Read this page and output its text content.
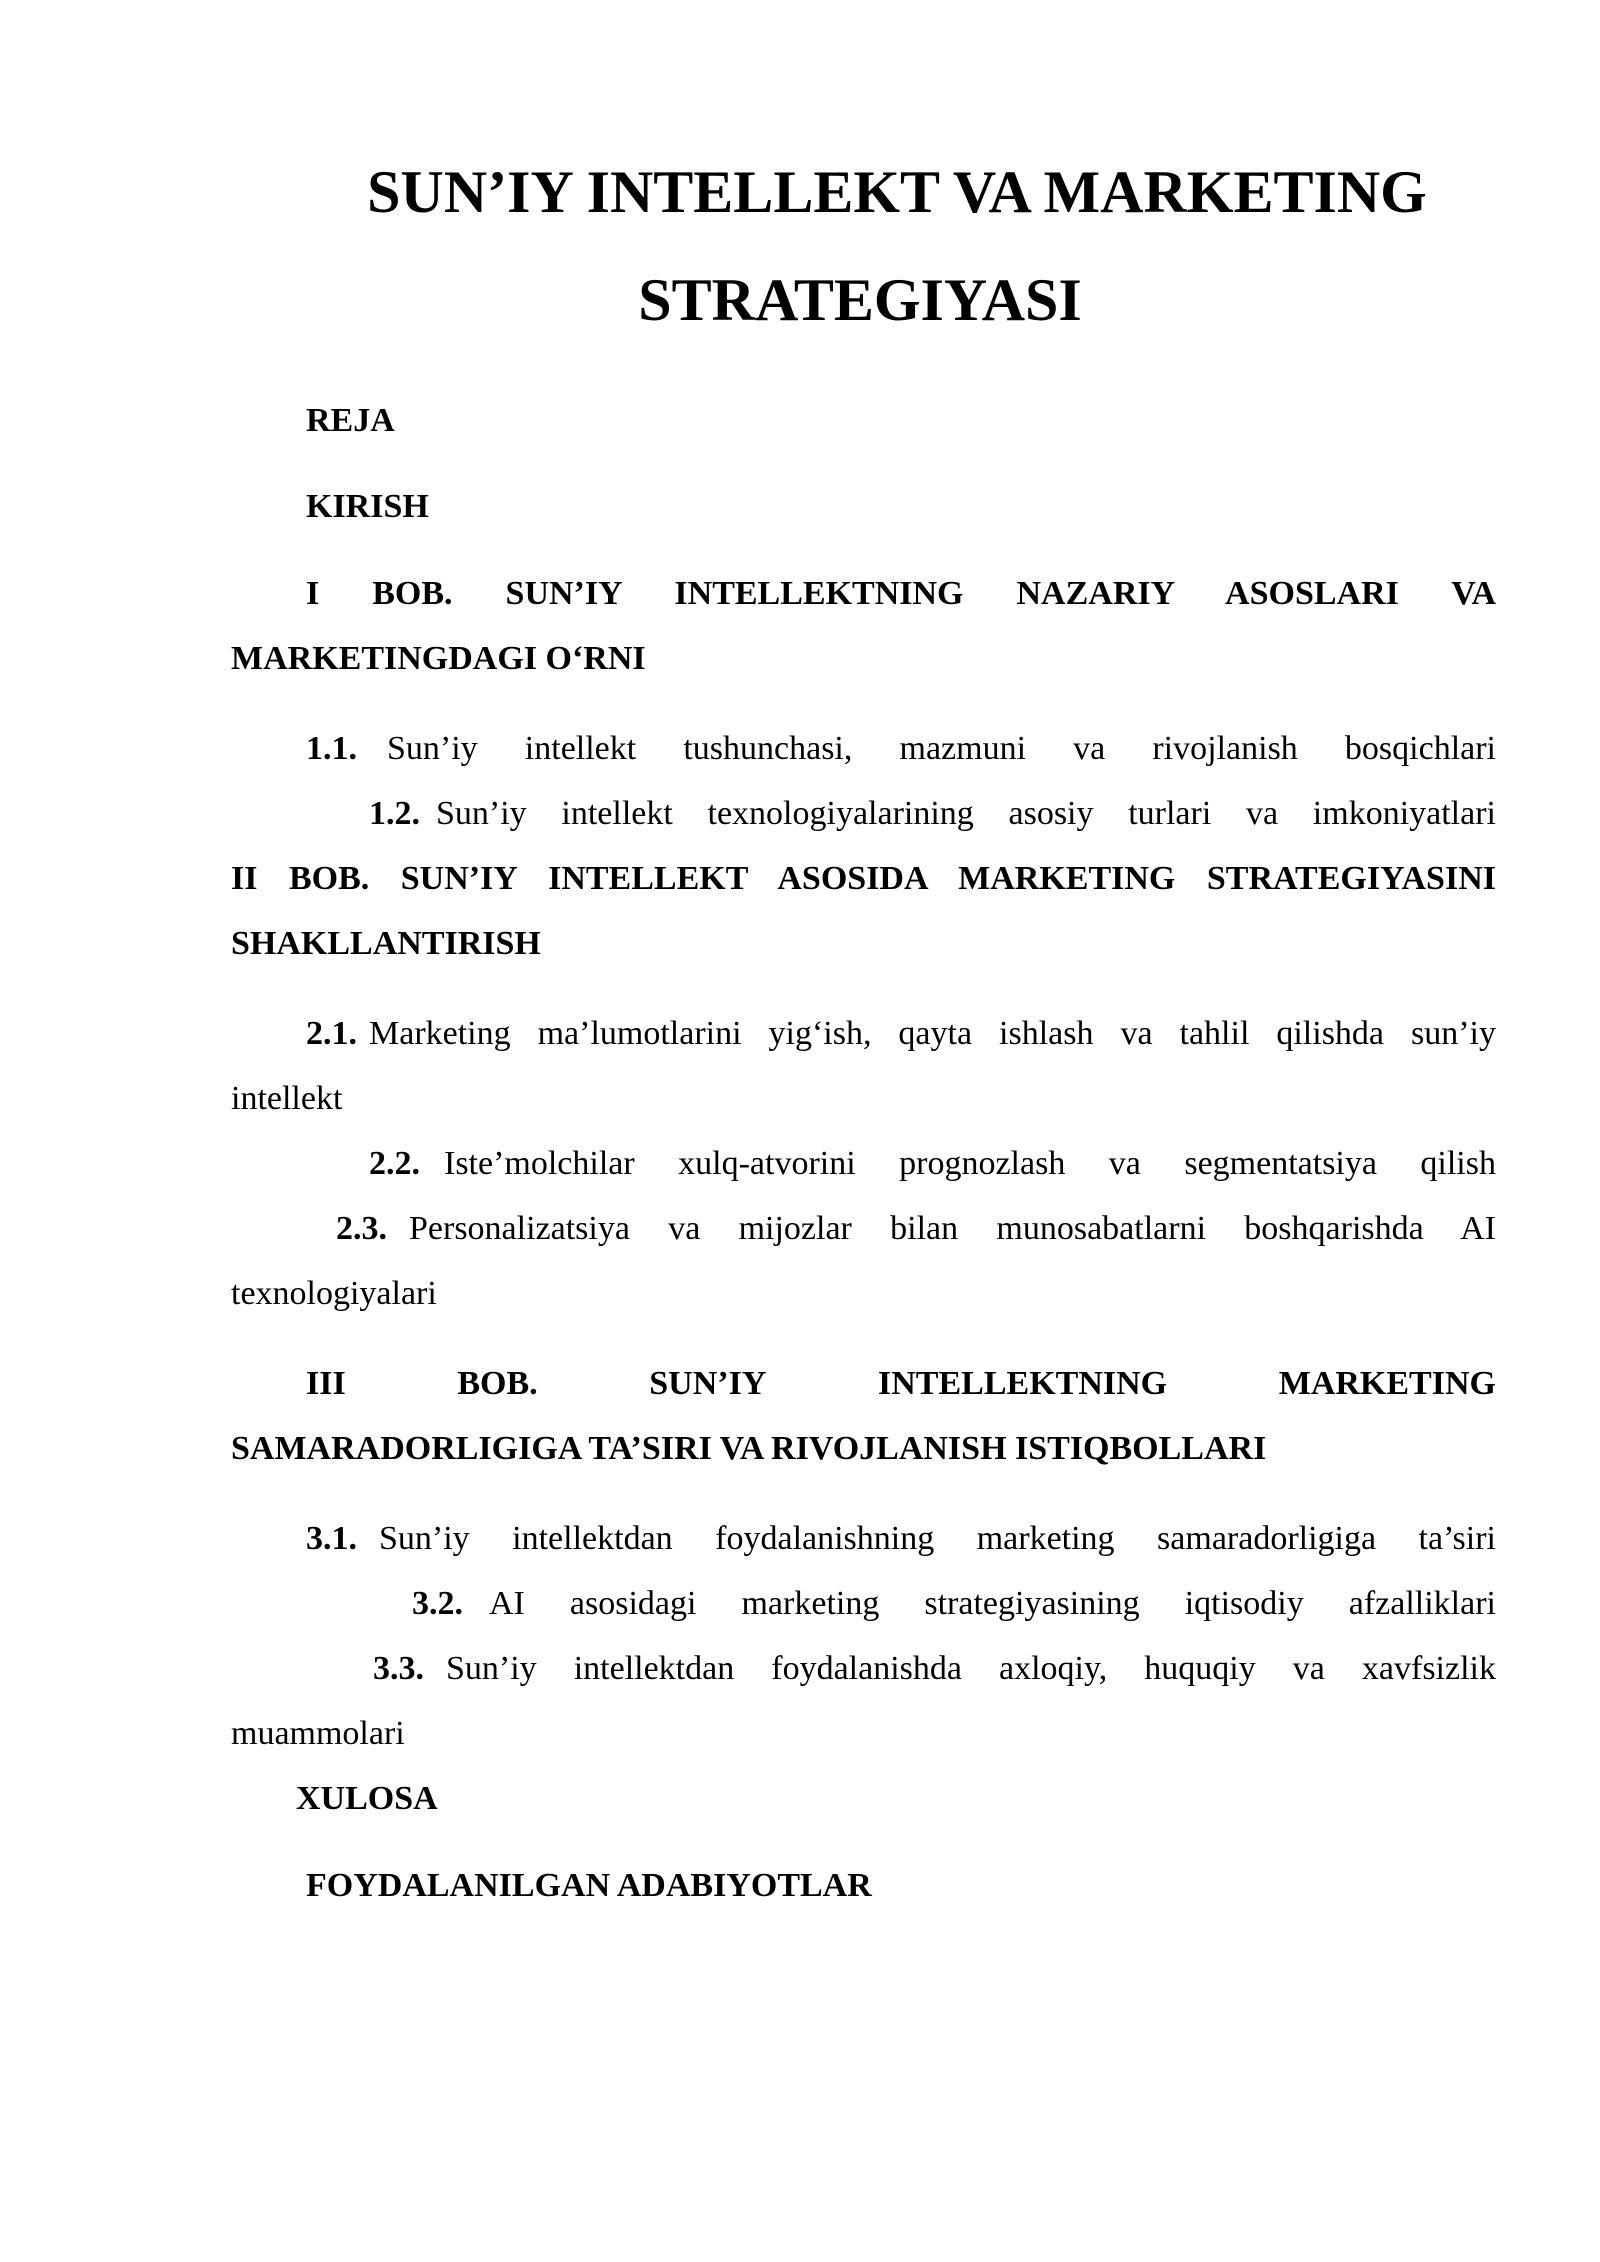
SUN’IY INTELLEKT VA MARKETING
STRATEGIYASI
REJA
KIRISH
I BOB. SUN’IY INTELLEKTNING NAZARIY ASOSLARI VA
MARKETINGDAGI O‘RNI
1.1. Sun’iy intellekt tushunchasi, mazmuni va rivojlanish bosqichlari
1.2. Sun’iy intellekt texnologiyalarining asosiy turlari va imkoniyatlari
II BOB. SUN’IY INTELLEKT ASOSIDA MARKETING STRATEGIYASINI
SHAKLLANTIRISH
2.1. Marketing ma’lumotlarini yig‘ish, qayta ishlash va tahlil qilishda sun’iy
intellekt
2.2. Iste’molchilar xulq-atvorini prognozlash va segmentatsiya qilish
2.3. Personalizatsiya va mijozlar bilan munosabatlarni boshqarishda AI
texnologiyalari
III	BOB.	SUN’IY	INTELLEKTNING	MARKETING
SAMARADORLIGIGA TA’SIRI VA RIVOJLANISH ISTIQBOLLARI
3.1. Sun’iy intellektdan foydalanishning marketing samaradorligiga ta’siri
3.2. AI asosidagi marketing strategiyasining iqtisodiy afzalliklari
3.3. Sun’iy intellektdan foydalanishda axloqiy, huquqiy va xavfsizlik
muammolari
XULOSA
FOYDALANILGAN ADABIYOTLAR
